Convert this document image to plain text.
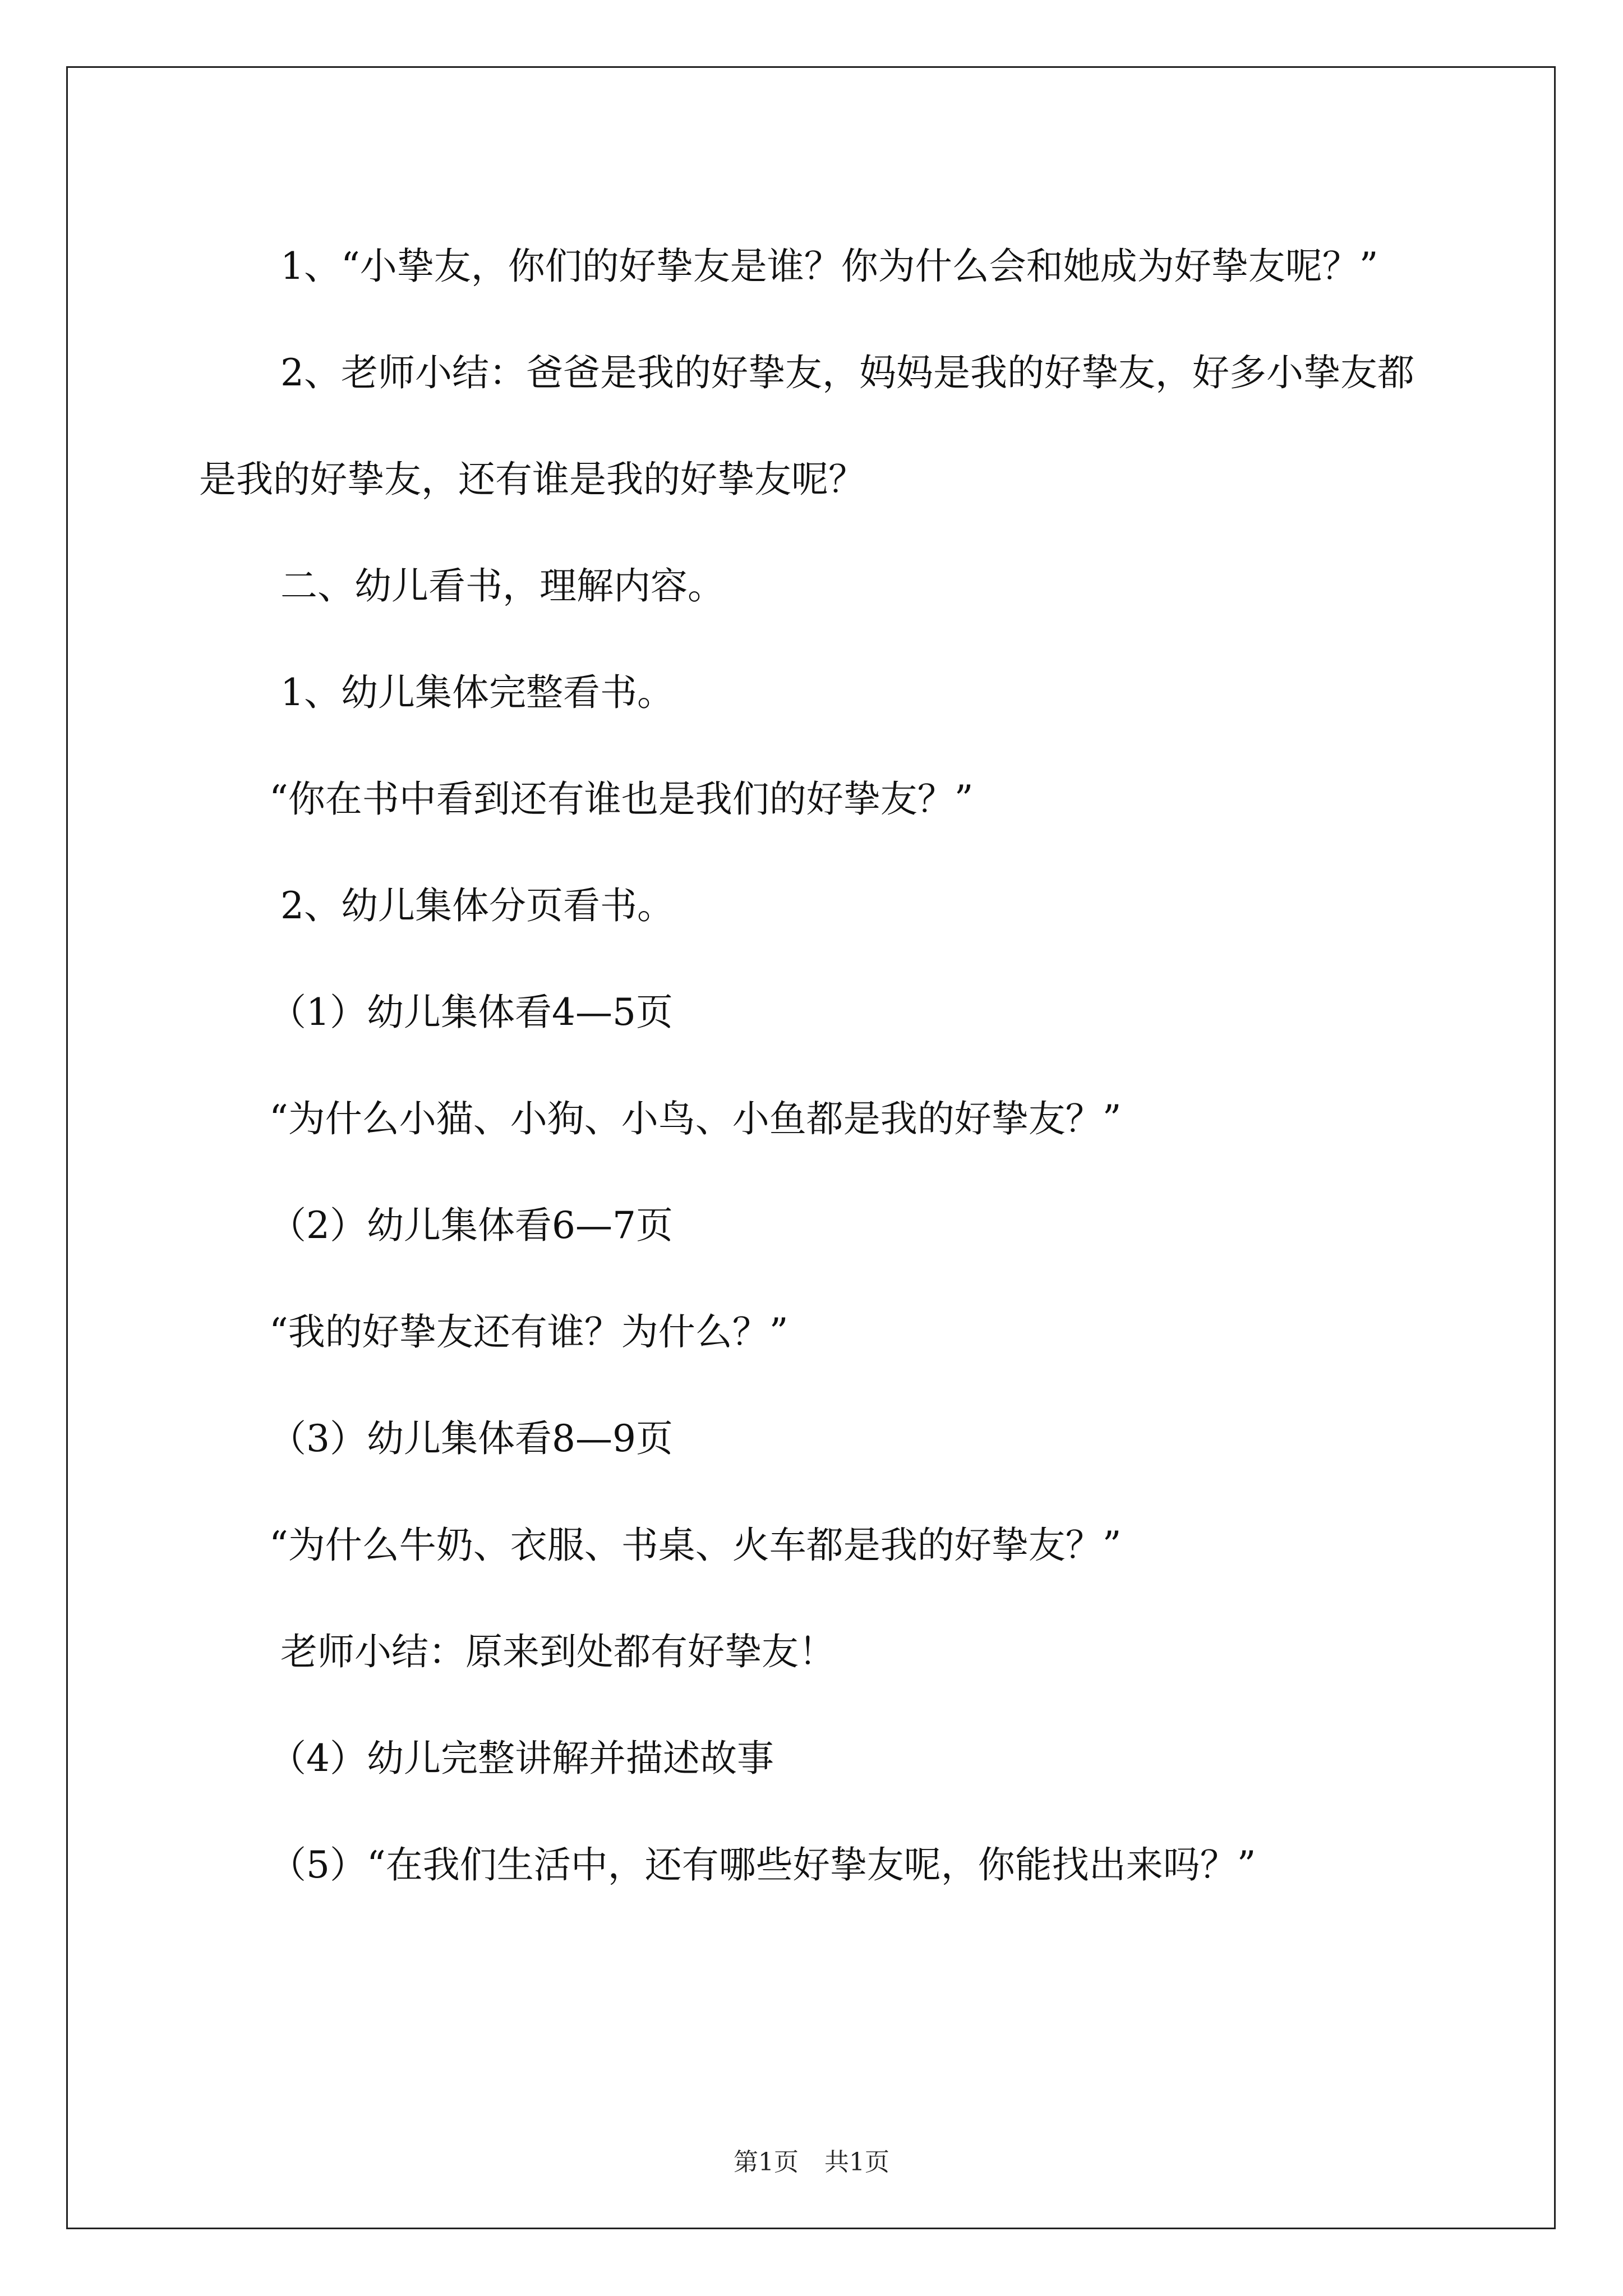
1、“小挚友，你们的好挚友是谁？你为什么会和她成为好挚友呢？”

2、老师小结：爸爸是我的好挚友，妈妈是我的好挚友，好多小挚友都是我的好挚友，还有谁是我的好挚友呢？

二、幼儿看书，理解内容。

1、幼儿集体完整看书。

“你在书中看到还有谁也是我们的好挚友？”

2、幼儿集体分页看书。

（1）幼儿集体看4—5页

“为什么小猫、小狗、小鸟、小鱼都是我的好挚友？”

（2）幼儿集体看6—7页

“我的好挚友还有谁？为什么？”

（3）幼儿集体看8—9页

“为什么牛奶、衣服、书桌、火车都是我的好挚友？”

老师小结：原来到处都有好挚友！

（4）幼儿完整讲解并描述故事

（5）“在我们生活中，还有哪些好挚友呢，你能找出来吗？”

第1页 共1页
